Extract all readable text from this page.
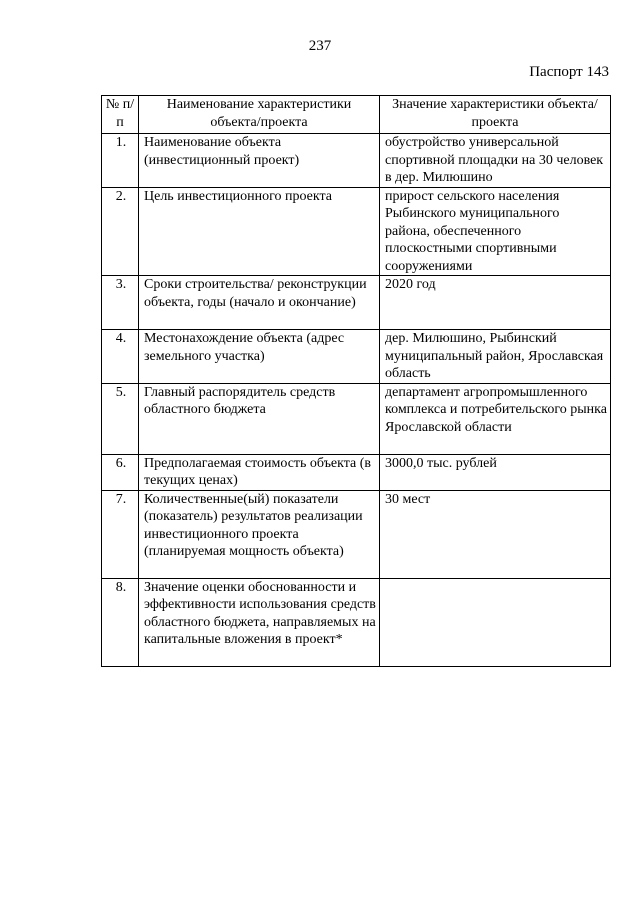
237
Паспорт 143
№ п/п	Наименование характеристики объекта/проекта	Значение характеристики объекта/проекта
1.	Наименование объекта (инвестиционный проект)	обустройство универсальной спортивной площадки на 30 человек в дер. Милюшино
2.	Цель инвестиционного проекта	прирост сельского населения Рыбинского муниципального района, обеспеченного плоскостными спортивными сооружениями
3.	Сроки строительства/ реконструкции объекта, годы (начало и окончание)	2020 год
4.	Местонахождение объекта (адрес земельного участка)	дер. Милюшино, Рыбинский муниципальный район, Ярославская область
5.	Главный распорядитель средств областного бюджета	департамент агропромышленного комплекса и потребительского рынка Ярославской области
6.	Предполагаемая стоимость объекта (в текущих ценах)	3000,0 тыс. рублей
7.	Количественные(ый) показатели (показатель) результатов реализации инвестиционного проекта (планируемая мощность объекта)	30 мест
8.	Значение оценки обоснованности и эффективности использования средств областного бюджета, направляемых на капитальные вложения в проект*	
